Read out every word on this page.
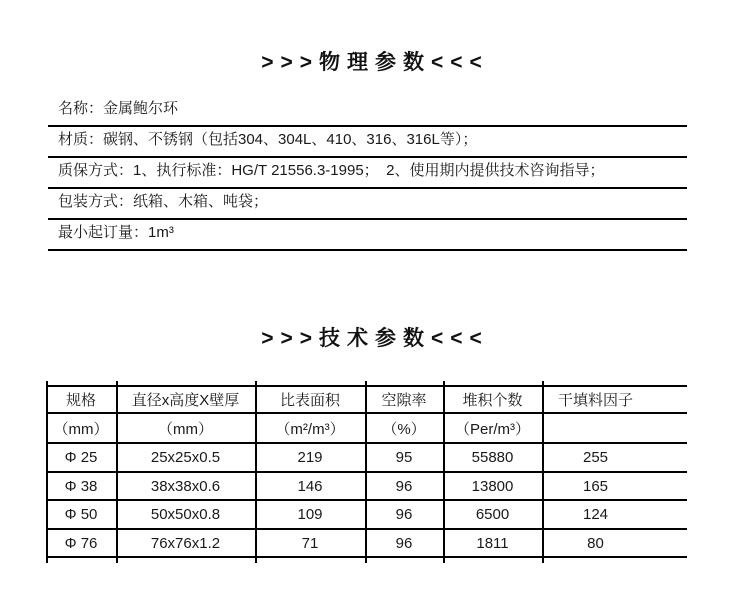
>>>物理参数<<<
名称：金属鲍尔环
材质：碳钢、不锈钢（包括304、304L、410、316、316L等）；
质保方式：1、执行标准：HG/T 21556.3-1995；　2、使用期内提供技术咨询指导；
包装方式：纸箱、木箱、吨袋；
最小起订量：1m³
>>>技术参数<<<
规格	直径x高度X壁厚	比表面积	空隙率	堆积个数	干填料因子
（mm）	（mm）	（m²/m³）	（%）	（Per/m³）
Φ 25	25x25x0.5	219	95	55880	255
Φ 38	38x38x0.6	146	96	13800	165
Φ 50	50x50x0.8	109	96	6500	124
Φ 76	76x76x1.2	71	96	1811	80
